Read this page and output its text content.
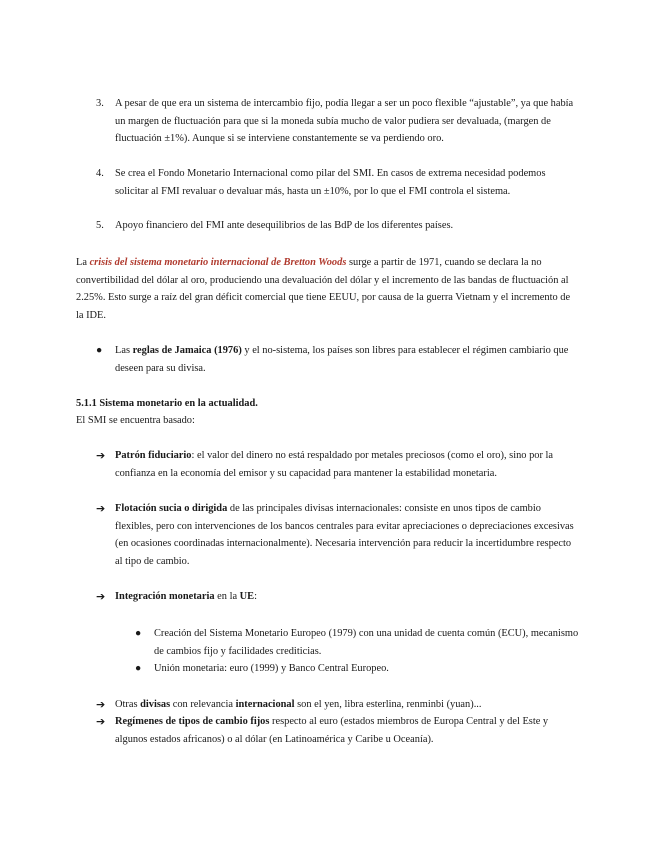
3.	A pesar de que era un sistema de intercambio fijo, podía llegar a ser un poco flexible “ajustable”, ya que había un margen de fluctuación para que si la moneda subía mucho de valor pudiera ser devaluada, (margen de fluctuación ±1%). Aunque si se interviene constantemente se va perdiendo oro.
4.	Se crea el Fondo Monetario Internacional como pilar del SMI. En casos de extrema necesidad podemos solicitar al FMI revaluar o devaluar más, hasta un ±10%, por lo que el FMI controla el sistema.
5.	Apoyo financiero del FMI ante desequilibrios de las BdP de los diferentes países.
La crisis del sistema monetario internacional de Bretton Woods surge a partir de 1971, cuando se declara la no convertibilidad del dólar al oro, produciendo una devaluación del dólar y el incremento de las bandas de fluctuación al 2.25%. Esto surge a raíz del gran déficit comercial que tiene EEUU, por causa de la guerra Vietnam y el incremento de la IDE.
● Las reglas de Jamaica (1976) y el no-sistema, los países son libres para establecer el régimen cambiario que deseen para su divisa.
5.1.1 Sistema monetario en la actualidad.
El SMI se encuentra basado:
➔ Patrón fiduciario: el valor del dinero no está respaldado por metales preciosos (como el oro), sino por la confianza en la economía del emisor y su capacidad para mantener la estabilidad monetaria.
➔ Flotación sucia o dirigida de las principales divisas internacionales: consiste en unos tipos de cambio flexibles, pero con intervenciones de los bancos centrales para evitar apreciaciones o depreciaciones excesivas (en ocasiones coordinadas internacionalmente). Necesaria intervención para reducir la incertidumbre respecto al tipo de cambio.
➔ Integración monetaria en la UE:
● Creación del Sistema Monetario Europeo (1979) con una unidad de cuenta común (ECU), mecanismo de cambios fijo y facilidades crediticias.
● Unión monetaria: euro (1999) y Banco Central Europeo.
➔ Otras divisas con relevancia internacional son el yen, libra esterlina, renminbi (yuan)...
➔ Regímenes de tipos de cambio fijos respecto al euro (estados miembros de Europa Central y del Este y algunos estados africanos) o al dólar (en Latinoamérica y Caribe u Oceanía).
